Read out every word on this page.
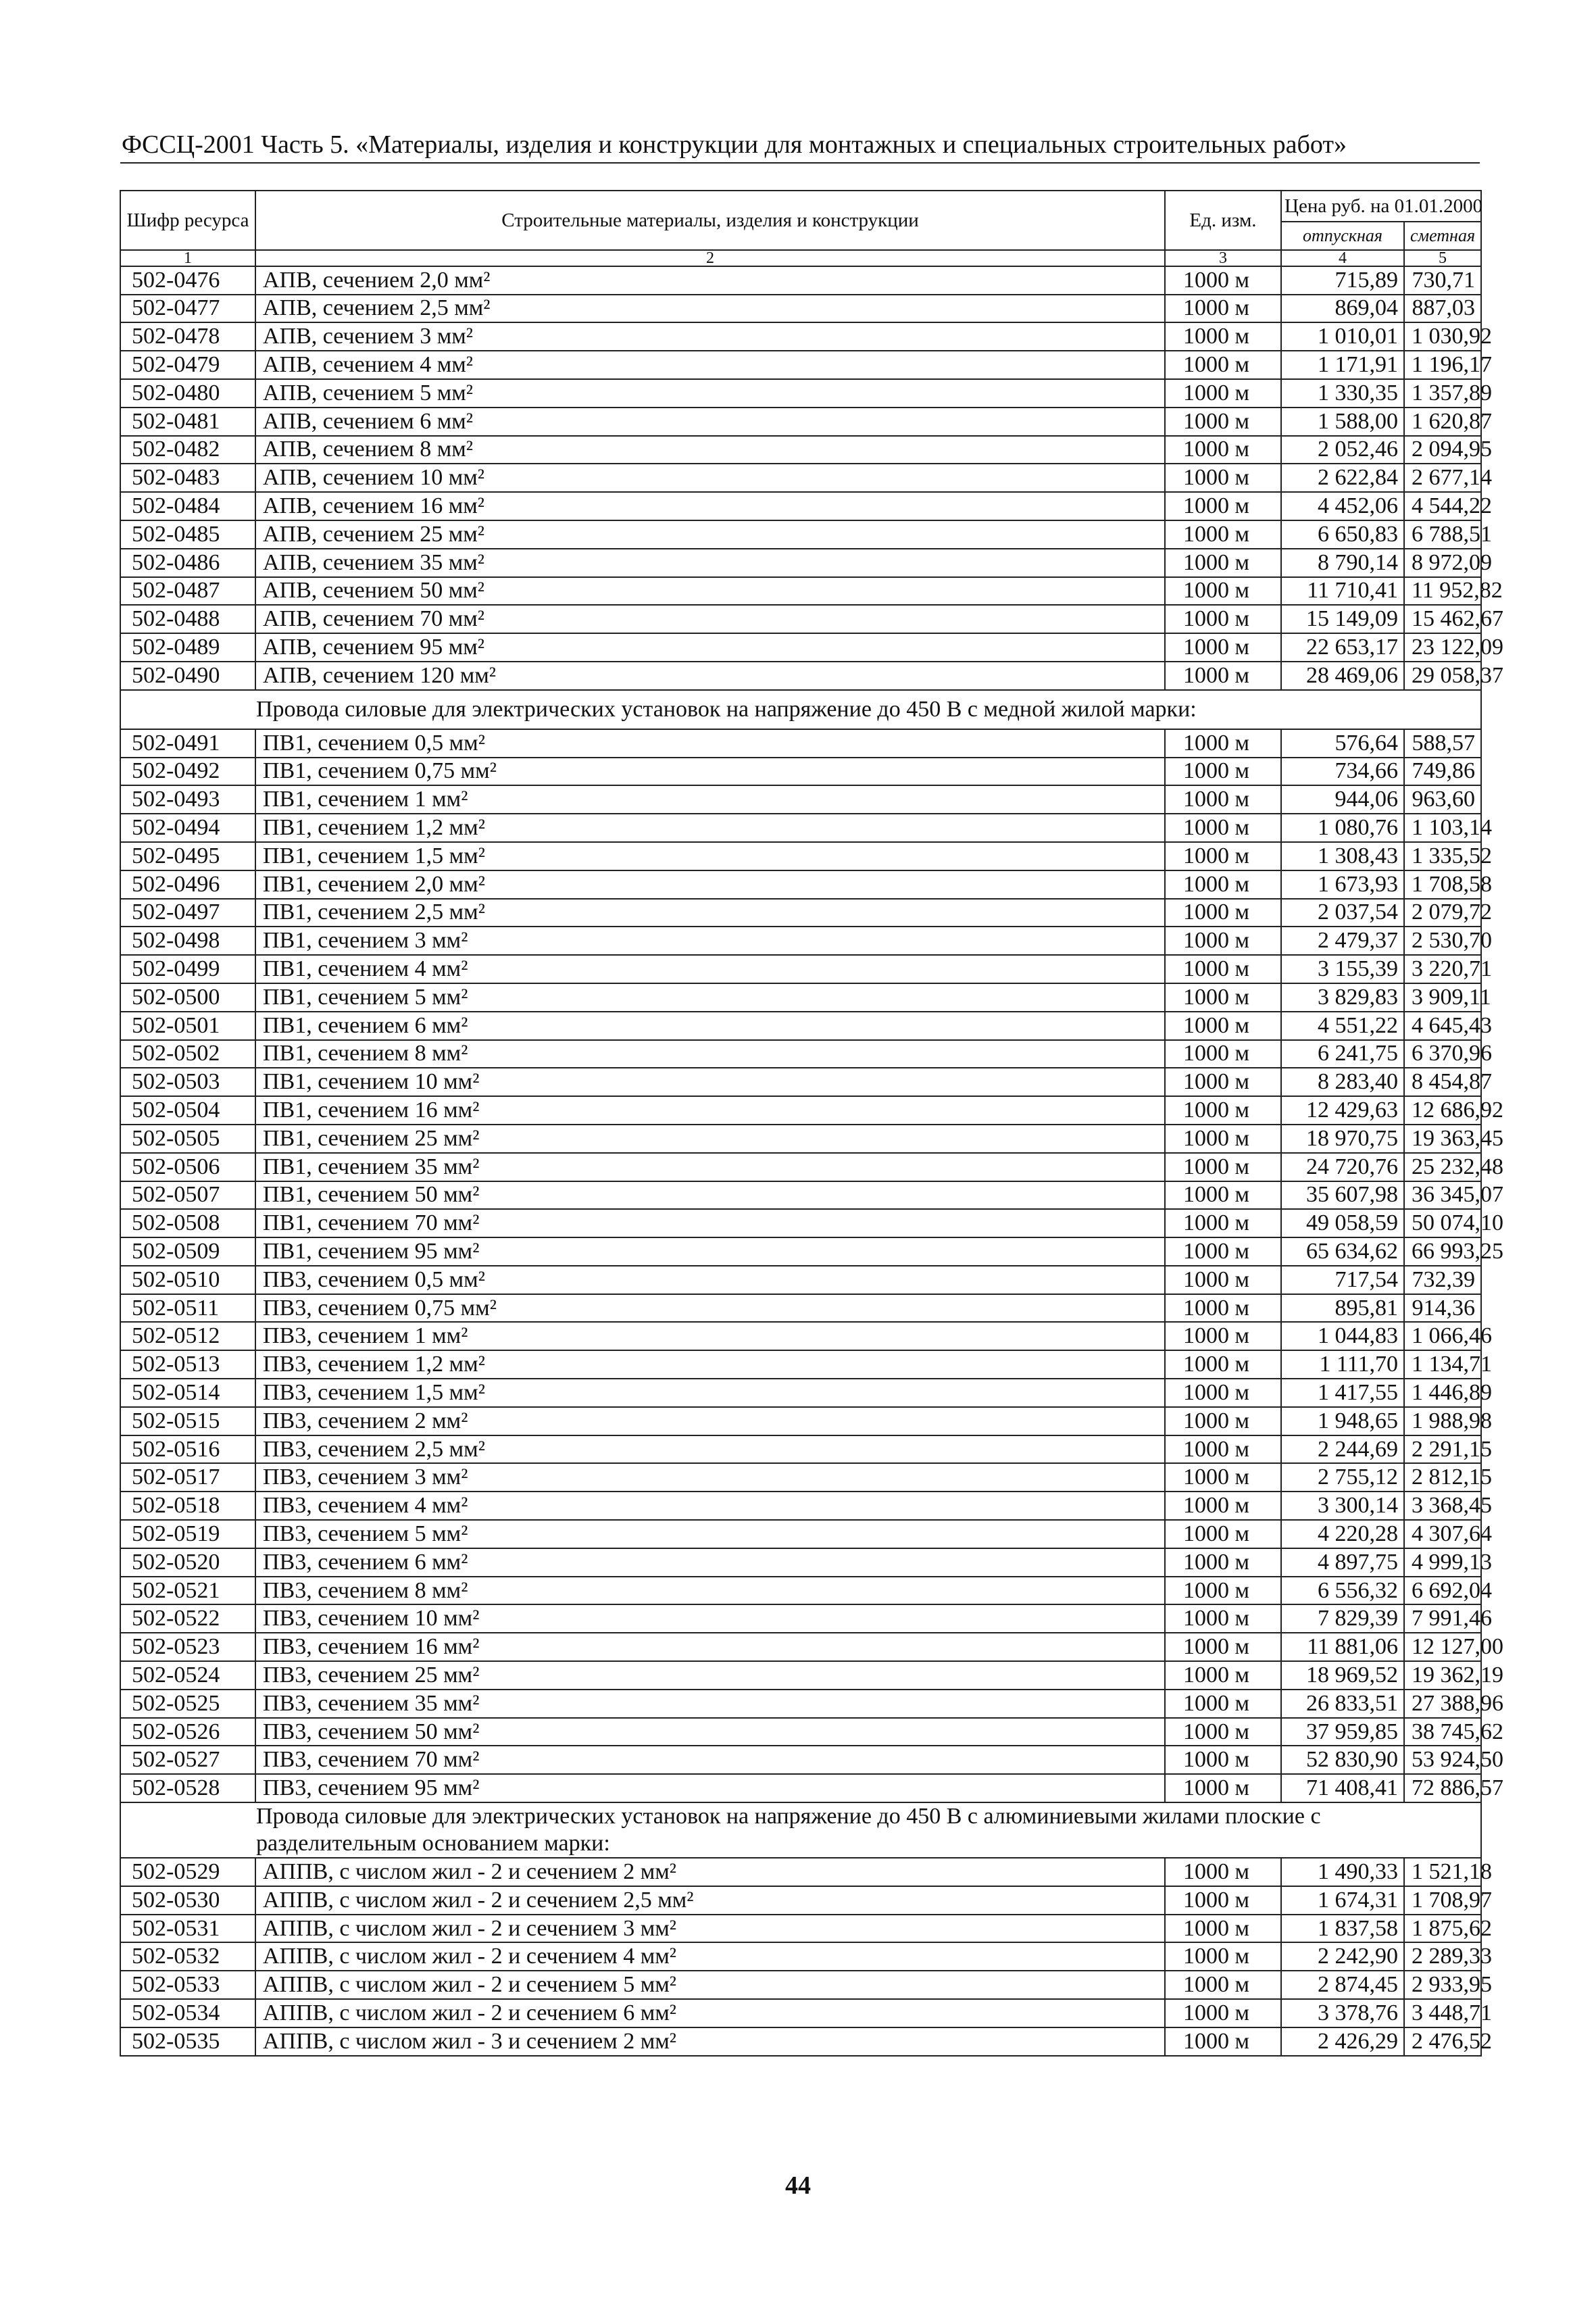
ФССЦ-2001 Часть 5. «Материалы, изделия и конструкции для монтажных и специальных строительных работ»
Шифр ресурса	Строительные материалы, изделия и конструкции	Ед. изм.	Цена руб. на 01.01.2000	
			отпускная	сметная
1	2	3	4	5
502-0476	АПВ, сечением 2,0 мм²	1000 м	715,89	730,71
502-0477	АПВ, сечением 2,5 мм²	1000 м	869,04	887,03
502-0478	АПВ, сечением 3 мм²	1000 м	1 010,01	1 030,92
502-0479	АПВ, сечением 4 мм²	1000 м	1 171,91	1 196,17
502-0480	АПВ, сечением 5 мм²	1000 м	1 330,35	1 357,89
502-0481	АПВ, сечением 6 мм²	1000 м	1 588,00	1 620,87
502-0482	АПВ, сечением 8 мм²	1000 м	2 052,46	2 094,95
502-0483	АПВ, сечением 10 мм²	1000 м	2 622,84	2 677,14
502-0484	АПВ, сечением 16 мм²	1000 м	4 452,06	4 544,22
502-0485	АПВ, сечением 25 мм²	1000 м	6 650,83	6 788,51
502-0486	АПВ, сечением 35 мм²	1000 м	8 790,14	8 972,09
502-0487	АПВ, сечением 50 мм²	1000 м	11 710,41	11 952,82
502-0488	АПВ, сечением 70 мм²	1000 м	15 149,09	15 462,67
502-0489	АПВ, сечением 95 мм²	1000 м	22 653,17	23 122,09
502-0490	АПВ, сечением 120 мм²	1000 м	28 469,06	29 058,37
Провода силовые для электрических установок на напряжение до 450 В с медной жилой марки:				
502-0491	ПВ1, сечением 0,5 мм²	1000 м	576,64	588,57
502-0492	ПВ1, сечением 0,75 мм²	1000 м	734,66	749,86
502-0493	ПВ1, сечением 1 мм²	1000 м	944,06	963,60
502-0494	ПВ1, сечением 1,2 мм²	1000 м	1 080,76	1 103,14
502-0495	ПВ1, сечением 1,5 мм²	1000 м	1 308,43	1 335,52
502-0496	ПВ1, сечением 2,0 мм²	1000 м	1 673,93	1 708,58
502-0497	ПВ1, сечением 2,5 мм²	1000 м	2 037,54	2 079,72
502-0498	ПВ1, сечением 3 мм²	1000 м	2 479,37	2 530,70
502-0499	ПВ1, сечением 4 мм²	1000 м	3 155,39	3 220,71
502-0500	ПВ1, сечением 5 мм²	1000 м	3 829,83	3 909,11
502-0501	ПВ1, сечением 6 мм²	1000 м	4 551,22	4 645,43
502-0502	ПВ1, сечением 8 мм²	1000 м	6 241,75	6 370,96
502-0503	ПВ1, сечением 10 мм²	1000 м	8 283,40	8 454,87
502-0504	ПВ1, сечением 16 мм²	1000 м	12 429,63	12 686,92
502-0505	ПВ1, сечением 25 мм²	1000 м	18 970,75	19 363,45
502-0506	ПВ1, сечением 35 мм²	1000 м	24 720,76	25 232,48
502-0507	ПВ1, сечением 50 мм²	1000 м	35 607,98	36 345,07
502-0508	ПВ1, сечением 70 мм²	1000 м	49 058,59	50 074,10
502-0509	ПВ1, сечением 95 мм²	1000 м	65 634,62	66 993,25
502-0510	ПВ3, сечением 0,5 мм²	1000 м	717,54	732,39
502-0511	ПВ3, сечением 0,75 мм²	1000 м	895,81	914,36
502-0512	ПВ3, сечением 1 мм²	1000 м	1 044,83	1 066,46
502-0513	ПВ3, сечением 1,2 мм²	1000 м	1 111,70	1 134,71
502-0514	ПВ3, сечением 1,5 мм²	1000 м	1 417,55	1 446,89
502-0515	ПВ3, сечением 2 мм²	1000 м	1 948,65	1 988,98
502-0516	ПВ3, сечением 2,5 мм²	1000 м	2 244,69	2 291,15
502-0517	ПВ3, сечением 3 мм²	1000 м	2 755,12	2 812,15
502-0518	ПВ3, сечением 4 мм²	1000 м	3 300,14	3 368,45
502-0519	ПВ3, сечением 5 мм²	1000 м	4 220,28	4 307,64
502-0520	ПВ3, сечением 6 мм²	1000 м	4 897,75	4 999,13
502-0521	ПВ3, сечением 8 мм²	1000 м	6 556,32	6 692,04
502-0522	ПВ3, сечением 10 мм²	1000 м	7 829,39	7 991,46
502-0523	ПВ3, сечением 16 мм²	1000 м	11 881,06	12 127,00
502-0524	ПВ3, сечением 25 мм²	1000 м	18 969,52	19 362,19
502-0525	ПВ3, сечением 35 мм²	1000 м	26 833,51	27 388,96
502-0526	ПВ3, сечением 50 мм²	1000 м	37 959,85	38 745,62
502-0527	ПВ3, сечением 70 мм²	1000 м	52 830,90	53 924,50
502-0528	ПВ3, сечением 95 мм²	1000 м	71 408,41	72 886,57
Провода силовые для электрических установок на напряжение до 450 В с алюминиевыми жилами плоские с разделительным основанием марки:				
502-0529	АППВ, с числом жил - 2 и сечением 2 мм²	1000 м	1 490,33	1 521,18
502-0530	АППВ, с числом жил - 2 и сечением 2,5 мм²	1000 м	1 674,31	1 708,97
502-0531	АППВ, с числом жил - 2 и сечением 3 мм²	1000 м	1 837,58	1 875,62
502-0532	АППВ, с числом жил - 2 и сечением 4 мм²	1000 м	2 242,90	2 289,33
502-0533	АППВ, с числом жил - 2 и сечением 5 мм²	1000 м	2 874,45	2 933,95
502-0534	АППВ, с числом жил - 2 и сечением 6 мм²	1000 м	3 378,76	3 448,71
502-0535	АППВ, с числом жил - 3 и сечением 2 мм²	1000 м	2 426,29	2 476,52
44
